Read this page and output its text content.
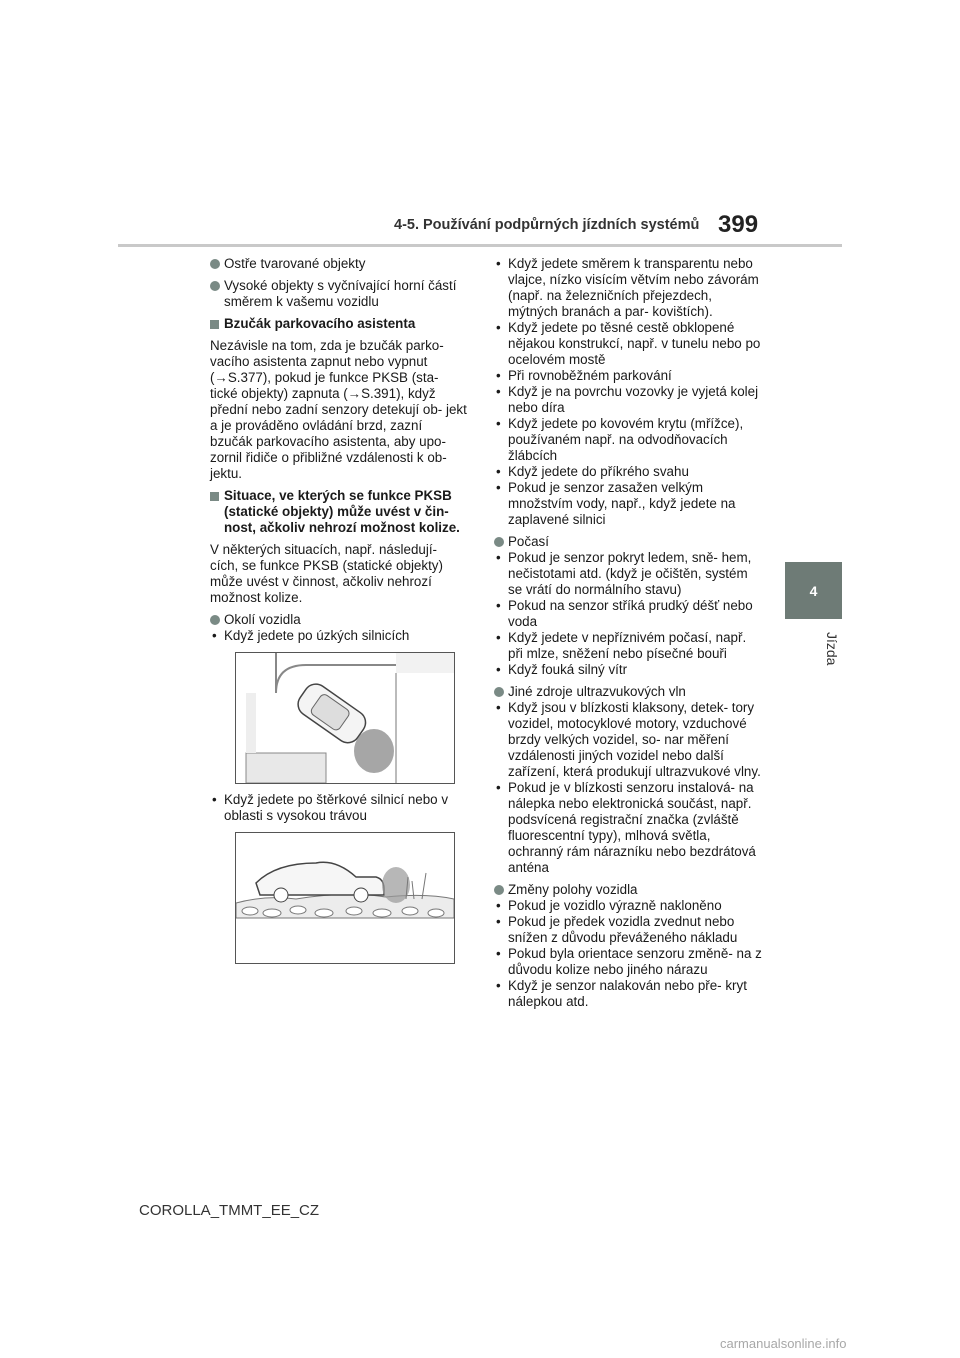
4-5. Používání podpůrných jízdních systémů 399
4
Jízda
Ostře tvarované objekty
Vysoké objekty s vyčnívající horní částí směrem k vašemu vozidlu
Bzučák parkovacího asistenta

Nezávisle na tom, zda je bzučák parko- vacího asistenta zapnut nebo vypnut (→S.377), pokud je funkce PKSB (sta- tické objekty) zapnuta (→S.391), když přední nebo zadní senzory detekují ob- jekt a je prováděno ovládání brzd, zazní bzučák parkovacího asistenta, aby upo- zornil řidiče o přibližné vzdálenosti k ob- jektu.

Situace, ve kterých se funkce PKSB (statické objekty) může uvést v čin- nost, ačkoliv nehrozí možnost kolize.

V některých situacích, např. následují- cích, se funkce PKSB (statické objekty) může uvést v činnost, ačkoliv nehrozí možnost kolize.

Okolí vozidla
• Když jedete po úzkých silnicích
• Když jedete po štěrkové silnicí nebo v oblasti s vysokou trávou
• Když jedete směrem k transparentu nebo vlajce, nízko visícím větvím nebo závorám (např. na železničních přejezdech, mýtných branách a par- kovištích).
• Když jedete po těsné cestě obklopené nějakou konstrukcí, např. v tunelu nebo po ocelovém mostě
• Při rovnoběžném parkování
• Když je na povrchu vozovky je vyjetá kolej nebo díra
• Když jedete po kovovém krytu (mřížce), používaném např. na odvodňovacích žlábcích
• Když jedete do příkrého svahu
• Pokud je senzor zasažen velkým množstvím vody, např., když jedete na zaplavené silnici
Počasí
• Pokud je senzor pokryt ledem, sně- hem, nečistotami atd. (když je očištěn, systém se vrátí do normálního stavu)
• Pokud na senzor stříká prudký déšť nebo voda
• Když jedete v nepříznivém počasí, např. při mlze, sněžení nebo písečné bouři
• Když fouká silný vítr
Jiné zdroje ultrazvukových vln
• Když jsou v blízkosti klaksony, detek- tory vozidel, motocyklové motory, vzduchové brzdy velkých vozidel, so- nar měření vzdálenosti jiných vozidel nebo další zařízení, která produkují ultrazvukové vlny.
• Pokud je v blízkosti senzoru instalová- na nálepka nebo elektronická součást, např. podsvícená registrační značka (zvláště fluorescentní typy), mlhová světla, ochranný rám nárazníku nebo bezdrátová anténa
Změny polohy vozidla
• Pokud je vozidlo výrazně nakloněno
• Pokud je předek vozidla zvednut nebo snížen z důvodu převáženého nákladu
• Pokud byla orientace senzoru změně- na z důvodu kolize nebo jiného nárazu
• Když je senzor nalakován nebo pře- kryt nálepkou atd.
COROLLA_TMMT_EE_CZ
carmanualsonline.info
